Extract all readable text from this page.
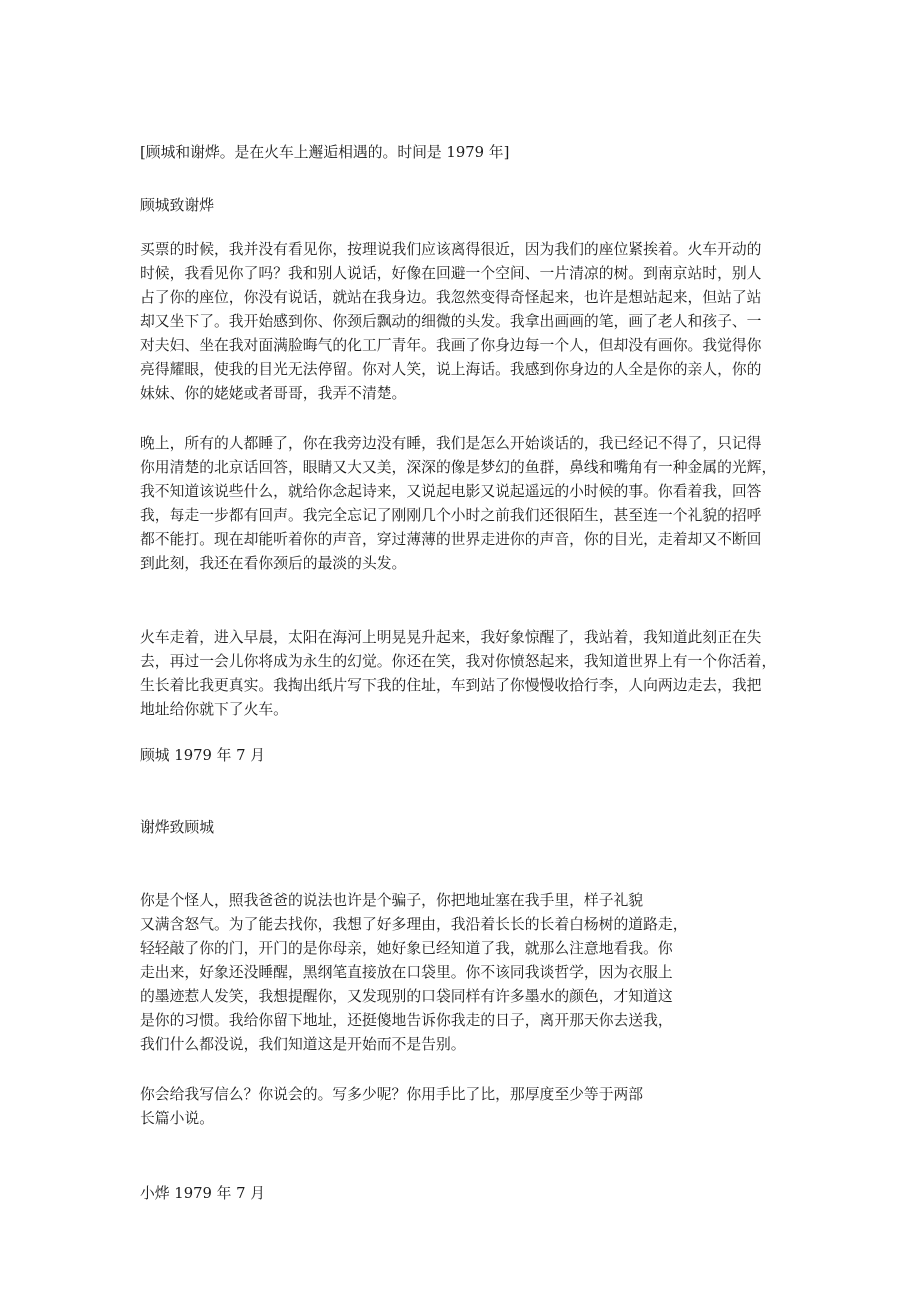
[顾城和谢烨。是在火车上邂逅相遇的。时间是 1979 年]
顾城致谢烨
买票的时候，我并没有看见你，按理说我们应该离得很近，因为我们的座位紧挨着。火车开动的
时候，我看见你了吗？我和别人说话，好像在回避一个空间、一片清凉的树。到南京站时，别人
占了你的座位，你没有说话，就站在我身边。我忽然变得奇怪起来，也许是想站起来，但站了站
却又坐下了。我开始感到你、你颈后飘动的细微的头发。我拿出画画的笔，画了老人和孩子、一
对夫妇、坐在我对面满脸晦气的化工厂青年。我画了你身边每一个人，但却没有画你。我觉得你
亮得耀眼，使我的目光无法停留。你对人笑，说上海话。我感到你身边的人全是你的亲人，你的
妹妹、你的姥姥或者哥哥，我弄不清楚。
晚上，所有的人都睡了，你在我旁边没有睡，我们是怎么开始谈话的，我已经记不得了，只记得
你用清楚的北京话回答，眼睛又大又美，深深的像是梦幻的鱼群，鼻线和嘴角有一种金属的光辉，
我不知道该说些什么，就给你念起诗来，又说起电影又说起遥远的小时候的事。你看着我，回答
我，每走一步都有回声。我完全忘记了刚刚几个小时之前我们还很陌生，甚至连一个礼貌的招呼
都不能打。现在却能听着你的声音，穿过薄薄的世界走进你的声音，你的目光，走着却又不断回
到此刻，我还在看你颈后的最淡的头发。
火车走着，进入早晨，太阳在海河上明晃晃升起来，我好象惊醒了，我站着，我知道此刻正在失
去，再过一会儿你将成为永生的幻觉。你还在笑，我对你愤怒起来，我知道世界上有一个你活着，
生长着比我更真实。我掏出纸片写下我的住址，车到站了你慢慢收拾行李，人向两边走去，我把
地址给你就下了火车。
顾城 1979 年 7 月
谢烨致顾城
你是个怪人，照我爸爸的说法也许是个骗子，你把地址塞在我手里，样子礼貌
又满含怒气。为了能去找你，我想了好多理由，我沿着长长的长着白杨树的道路走，
轻轻敲了你的门，开门的是你母亲，她好象已经知道了我，就那么注意地看我。你
走出来，好象还没睡醒，黑纲笔直接放在口袋里。你不该同我谈哲学，因为衣服上
的墨迹惹人发笑，我想提醒你，又发现别的口袋同样有许多墨水的颜色，才知道这
是你的习惯。我给你留下地址，还挺傻地告诉你我走的日子，离开那天你去送我，
我们什么都没说，我们知道这是开始而不是告别。
你会给我写信么？你说会的。写多少呢？你用手比了比，那厚度至少等于两部
长篇小说。
小烨 1979 年 7 月
